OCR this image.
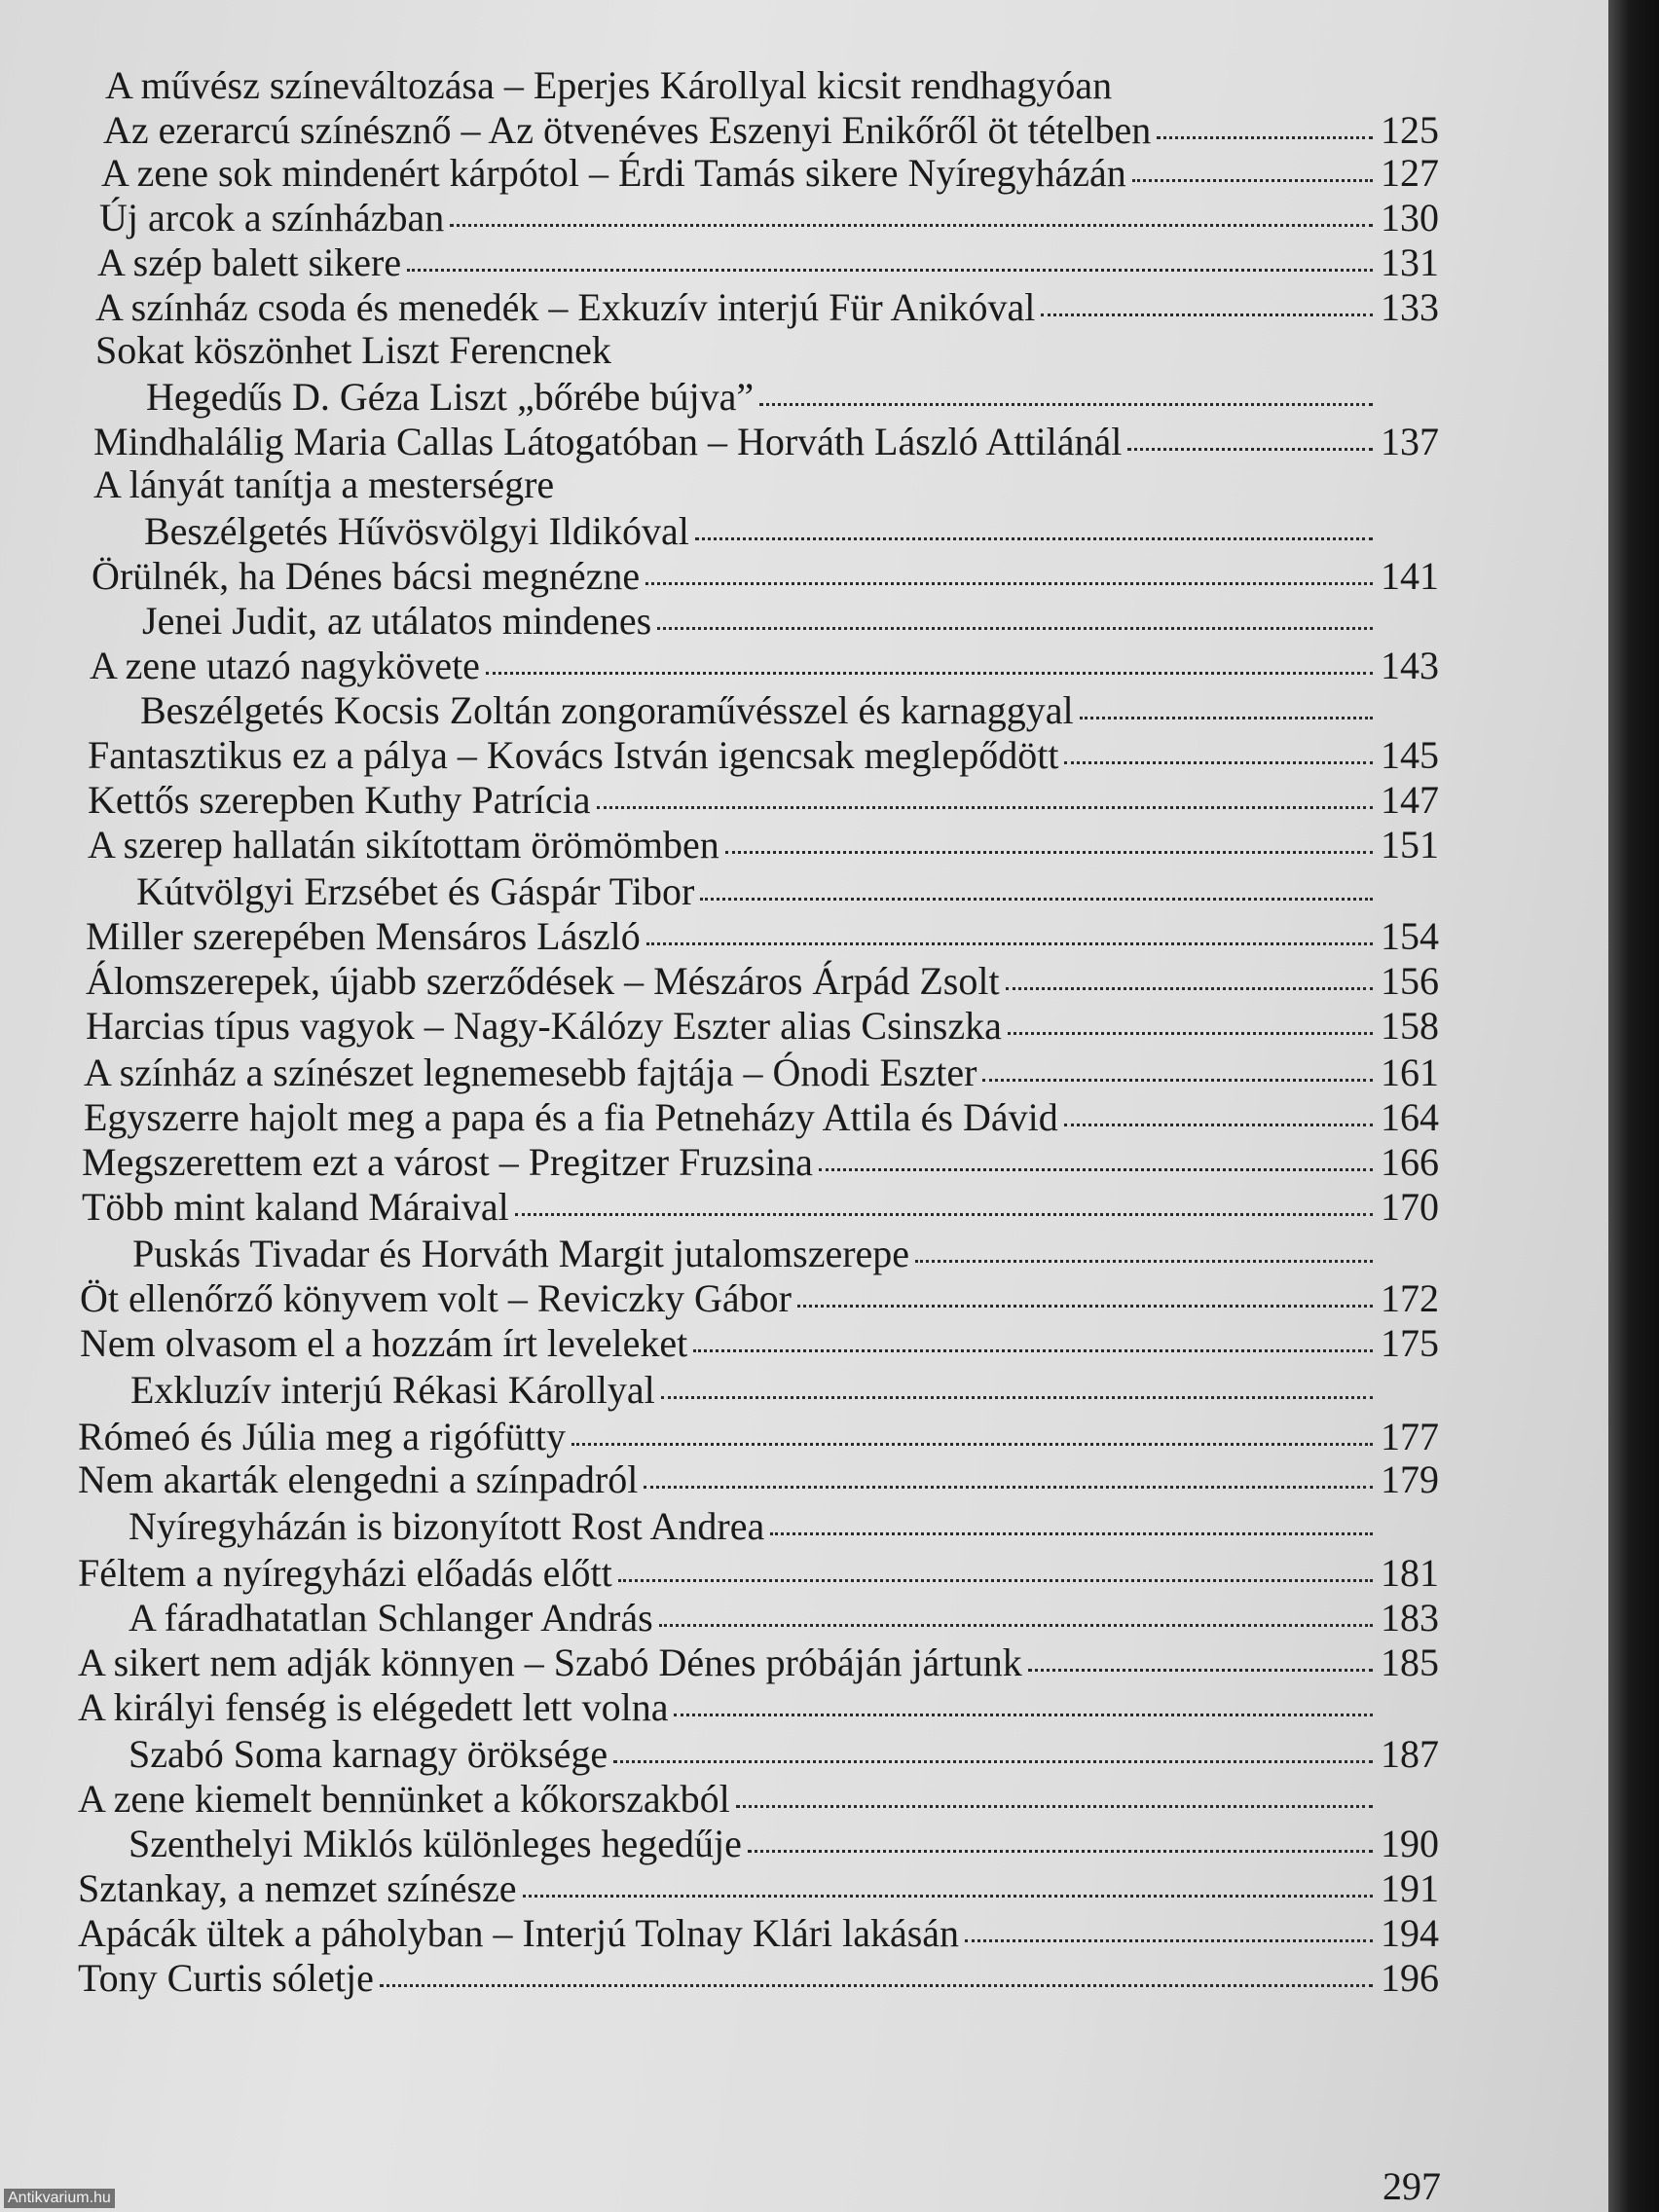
A művész színeváltozása – Eperjes Károllyal kicsit rendhagyóan
Az ezerarcú színésznő – Az ötvenéves Eszenyi Enikőről öt tételben	125
A zene sok mindenért kárpótol – Érdi Tamás sikere Nyíregyházán	127
Új arcok a színházban	130
A szép balett sikere	131
A színház csoda és menedék – Exkuzív interjú Für Anikóval	133
Sokat köszönhet Liszt Ferencnek
Hegedűs D. Géza Liszt „bőrébe bújva”
Mindhalálig Maria Callas Látogatóban – Horváth László Attilánál	137
A lányát tanítja a mesterségre
Beszélgetés Hűvösvölgyi Ildikóval
Örülnék, ha Dénes bácsi megnézne	141
Jenei Judit, az utálatos mindenes
A zene utazó nagykövete	143
Beszélgetés Kocsis Zoltán zongoraművésszel és karnaggyal
Fantasztikus ez a pálya – Kovács István igencsak meglepődött	145
Kettős szerepben Kuthy Patrícia	147
A szerep hallatán sikítottam örömömben	151
Kútvölgyi Erzsébet és Gáspár Tibor
Miller szerepében Mensáros László	154
Álomszerepek, újabb szerződések – Mészáros Árpád Zsolt	156
Harcias típus vagyok – Nagy-Kálózy Eszter alias Csinszka	158
A színház a színészet legnemesebb fajtája – Ónodi Eszter	161
Egyszerre hajolt meg a papa és a fia Petneházy Attila és Dávid	164
Megszerettem ezt a várost – Pregitzer Fruzsina	166
Több mint kaland Máraival	170
Puskás Tivadar és Horváth Margit jutalomszerepe
Öt ellenőrző könyvem volt – Reviczky Gábor	172
Nem olvasom el a hozzám írt leveleket	175
Exkluzív interjú Rékasi Károllyal
Rómeó és Júlia meg a rigófütty	177
Nem akarták elengedni a színpadról	179
Nyíregyházán is bizonyított Rost Andrea
Féltem a nyíregyházi előadás előtt	181
A fáradhatatlan Schlanger András	183
A sikert nem adják könnyen – Szabó Dénes próbáján jártunk	185
A királyi fenség is elégedett lett volna
Szabó Soma karnagy öröksége	187
A zene kiemelt bennünket a kőkorszakból
Szenthelyi Miklós különleges hegedűje	190
Sztankay, a nemzet színésze	191
Apácák ültek a páholyban – Interjú Tolnay Klári lakásán	194
Tony Curtis sóletje	196
297
Antikvarium.hu
